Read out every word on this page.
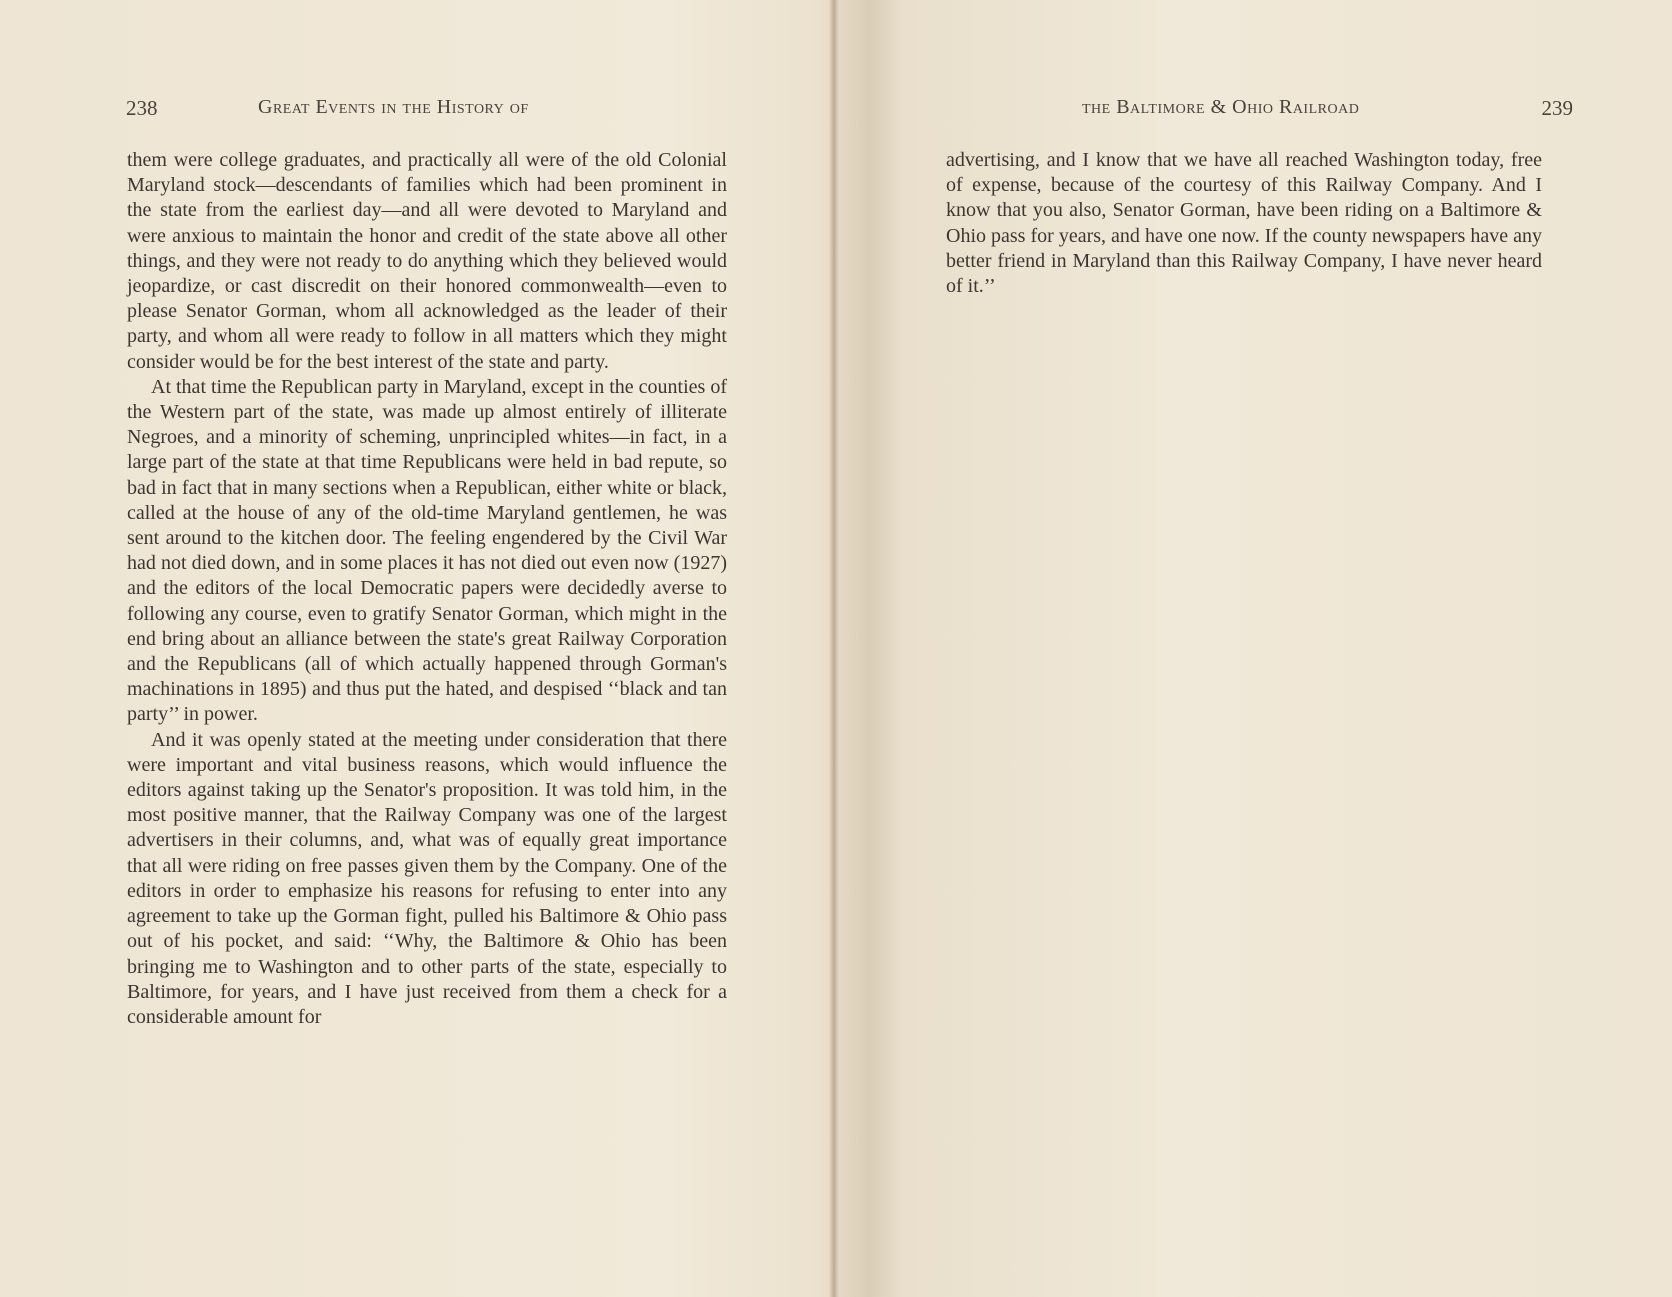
238	Great Events in the History of

them were college graduates, and practically all were of the old Colonial Maryland stock—descendants of families which had been prominent in the state from the earliest day—and all were devoted to Maryland and were anxious to maintain the honor and credit of the state above all other things, and they were not ready to do anything which they believed would jeopardize, or cast discredit on their honored commonwealth—even to please Senator Gorman, whom all acknowledged as the leader of their party, and whom all were ready to follow in all matters which they might consider would be for the best interest of the state and party.

At that time the Republican party in Maryland, except in the counties of the Western part of the state, was made up almost entirely of illiterate Negroes, and a minority of scheming, unprincipled whites—in fact, in a large part of the state at that time Republicans were held in bad repute, so bad in fact that in many sections when a Republican, either white or black, called at the house of any of the old-time Maryland gentlemen, he was sent around to the kitchen door. The feeling engendered by the Civil War had not died down, and in some places it has not died out even now (1927) and the editors of the local Democratic papers were decidedly averse to following any course, even to gratify Senator Gorman, which might in the end bring about an alliance between the state's great Railway Corporation and the Republicans (all of which actually happened through Gorman's machinations in 1895) and thus put the hated, and despised ‘‘black and tan party’’ in power.

And it was openly stated at the meeting under consideration that there were important and vital business reasons, which would influence the editors against taking up the Senator's proposition. It was told him, in the most positive manner, that the Railway Company was one of the largest advertisers in their columns, and, what was of equally great importance that all were riding on free passes given them by the Company. One of the editors in order to emphasize his reasons for refusing to enter into any agreement to take up the Gorman fight, pulled his Baltimore & Ohio pass out of his pocket, and said: ‘‘Why, the Baltimore & Ohio has been bringing me to Washington and to other parts of the state, especially to Baltimore, for years, and I have just received from them a check for a considerable amount for

the Baltimore & Ohio Railroad	239

advertising, and I know that we have all reached Washington today, free of expense, because of the courtesy of this Railway Company. And I know that you also, Senator Gorman, have been riding on a Baltimore & Ohio pass for years, and have one now. If the county newspapers have any better friend in Maryland than this Railway Company, I have never heard of it.’’
